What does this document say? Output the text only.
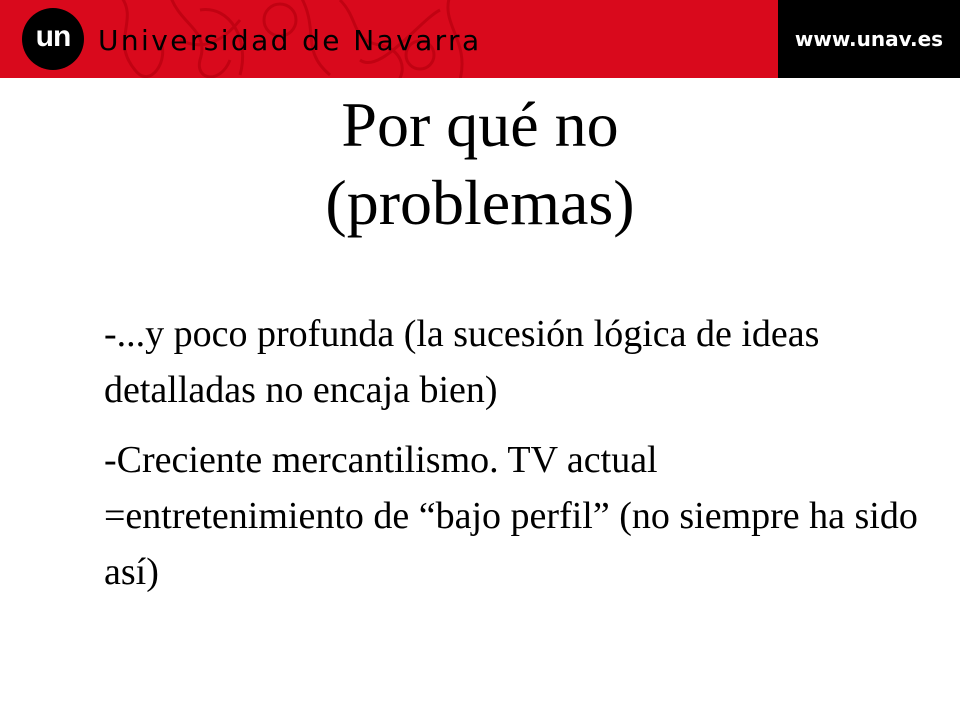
un Universidad de Navarra	www.unav.es
Por qué no
(problemas)

-...y poco profunda (la sucesión lógica de ideas detalladas no encaja bien)

-Creciente mercantilismo. TV actual =entretenimiento de “bajo perfil” (no siempre ha sido así)
